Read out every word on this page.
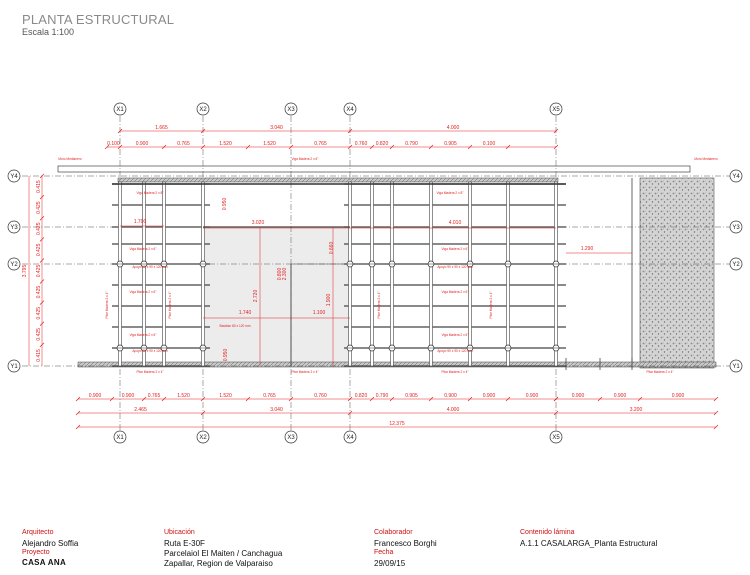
PLANTA ESTRUCTURAL
Escala 1:100
1.665	3.040	4.000
0.100	0.900	0.765	1.520	1.520	0.765	0.760 0.820	0.790	0.905	0.100
0.900	0.900	0.765	1.520	1.520	0.765	0.760	0.820 0.790	0.905	0.900	0.900	0.900	0.900	0.900	0.900
2.465	3.040	4.000	3.200
12.375
3.795
0.415
0.425
0.425
0.425
0.425
0.425
0.425
0.425
0.415
1.700	3.020	4.010
1.290
1.740	1.100
2.720	1.900
0.950
0.660
2.300
0.800
0.950
X1
X1
X2
X2
X3
X3
X4
X4
X5
X5
Y4	Y4
Y3	Y3
Y2	Y2
Y1	Y1
Muro Medianero	Muro Medianero
Viga Madera 2 x 6"
Viga Madera 2 x 8"	Viga Madera 2 x 8"
Viga Madera 2 x 6"
Viga Madera 2 x 6"
Viga Madera 2 x 6"
Viga Madera 2 x 6"
Viga Madera 2 x 6"
Viga Madera 2 x 6"
Apoyo 90 x 90 x 120 mm
Apoyo 90 x 90 x 120 mm
Apoyo 90 x 90 x 120 mm
Apoyo 90 x 90 x 120 mm
Bastidor 80 x 120 mm
Pilar Madera 2 x 4"	Pilar Madera 2 x 4"	Pilar Madera 2 x 4"	Pilar Madera 2 x 4"
Pilar Madera 2 x 4"	Pilar Madera 2 x 4"	Pilar Madera 2 x 4"	Pilar Madera 2 x 4"
Arquitecto
Alejandro Soffia
Proyecto
CASA ANA
Ubicación
Ruta E-30F
Parcelaiol El Maiten / Canchagua
Zapallar, Region de Valparaiso
Colaborador
Francesco Borghi
Fecha
29/09/15
Contenido lámina
A.1.1 CASALARGA_Planta Estructural
